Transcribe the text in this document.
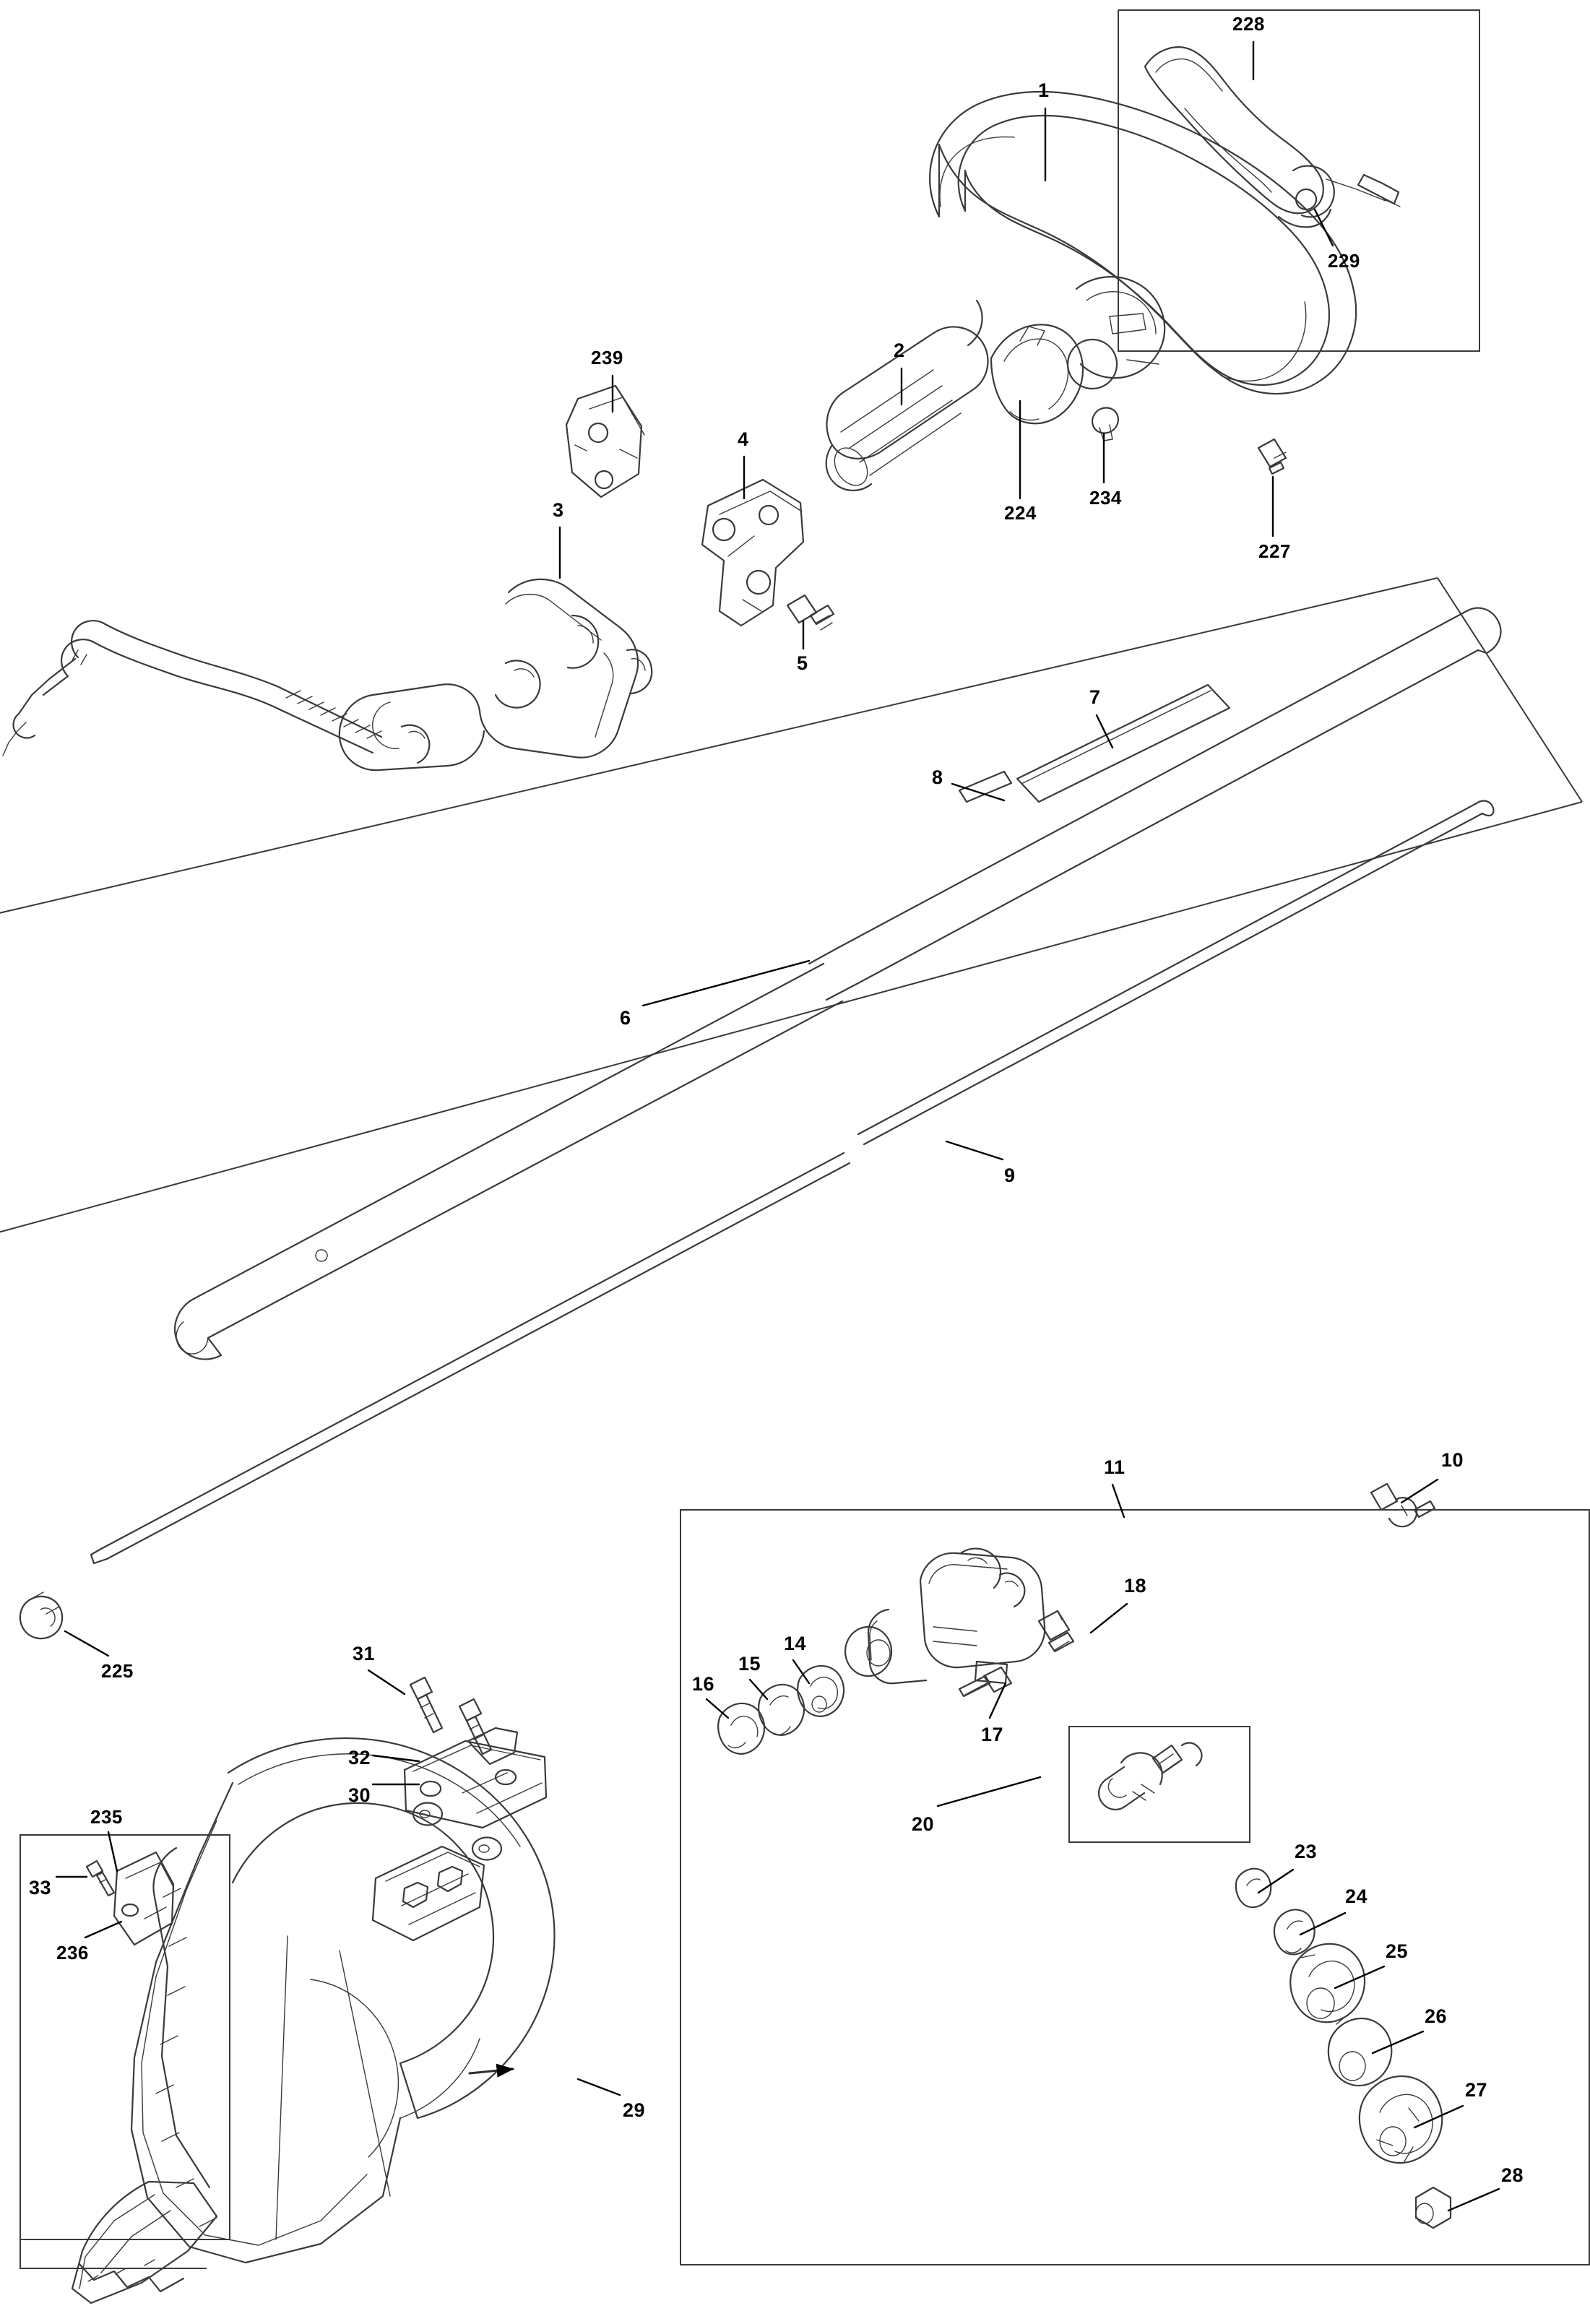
1
228
229
239	2
4
224
234
227
3
5
7
8
6
9
225
11	10
18
14
15
16
17
20
23
24
25
26
27
28
31
32
30
235
33
236
29
